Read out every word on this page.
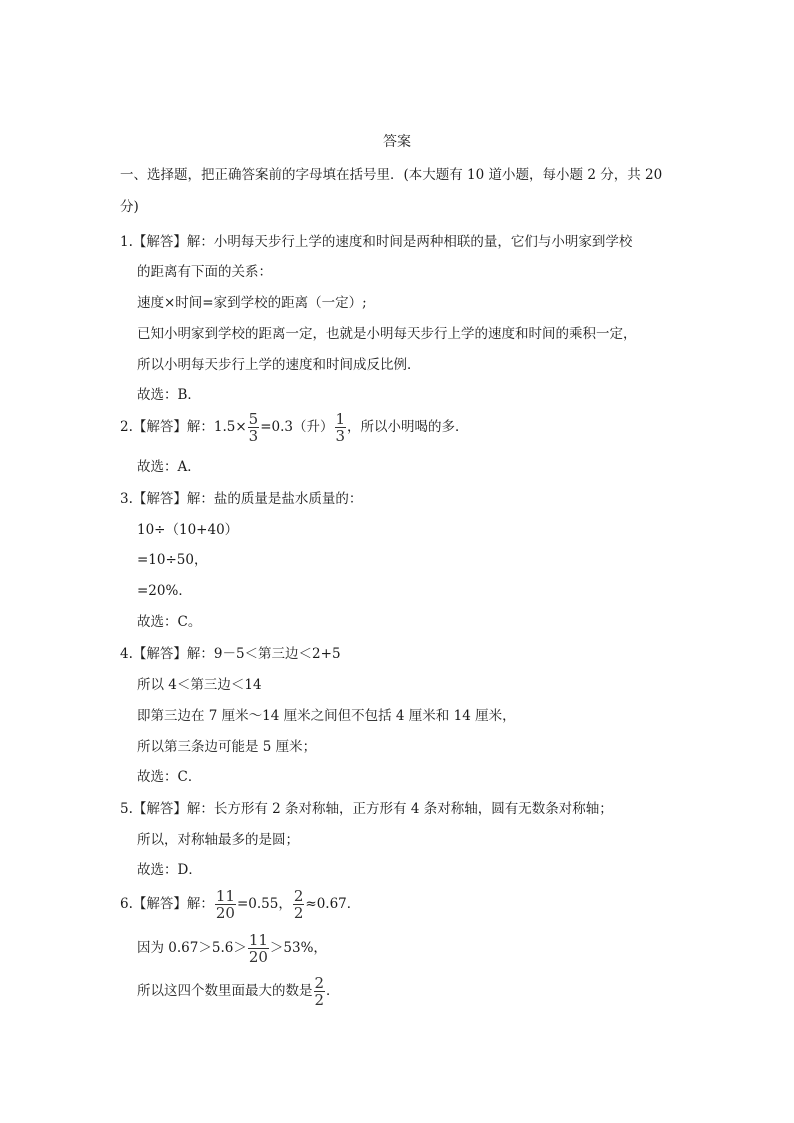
答案
一、选择题，把正确答案前的字母填在括号里．(本大题有 10 道小题，每小题 2 分，共 20
分)
1.【解答】解：小明每天步行上学的速度和时间是两种相联的量，它们与小明家到学校
的距离有下面的关系：
速度×时间=家到学校的距离（一定）;
已知小明家到学校的距离一定，也就是小明每天步行上学的速度和时间的乘积一定，
所以小明每天步行上学的速度和时间成反比例．
故选：B．
2.【解答】解：$1.5\times \frac{5}{3} =0.3$（升） $\frac{1}{3}$ ，所以小明喝的多．
故选：A．
3.【解答】解：盐的质量是盐水质量的：
10÷（10+40）
=10÷50，
=20%．
故选：C。
4.【解答】解：9－5＜第三边＜2+5
所以 4＜第三边＜14
即第三边在 7 厘米～14 厘米之间但不包括 4 厘米和 14 厘米，
所以第三条边可能是 5 厘米；
故选：C．
5.【解答】解：长方形有 2 条对称轴，正方形有 4 条对称轴，圆有无数条对称轴；
所以，对称轴最多的是圆；
故选：D．
6.【解答】解： $\frac{11}{20} =0.55$， $\frac{2}{2} \approx 0.67$．
因为 $0.67>5.6> \frac{11}{20} >53\%$，
所以这四个数里面最大的数是 $\frac{2}{2}$ ．
